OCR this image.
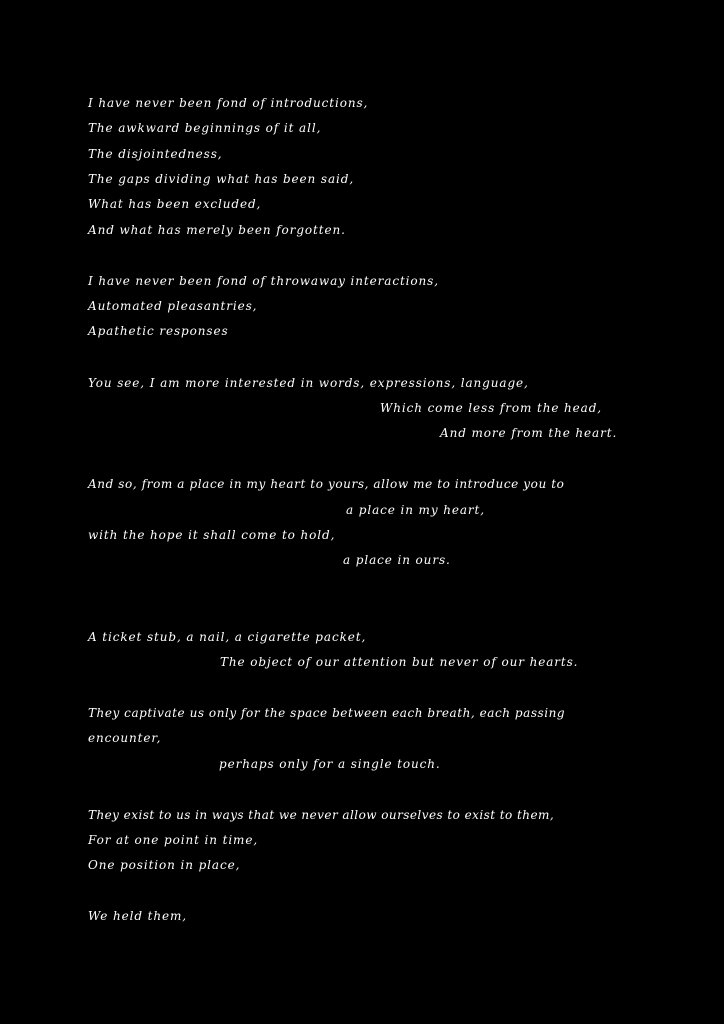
I have never been fond of introductions,
The awkward beginnings of it all,
The disjointedness,
The gaps dividing what has been said,
What has been excluded,
And what has merely been forgotten.
I have never been fond of throwaway interactions,
Automated pleasantries,
Apathetic responses
You see, I am more interested in words, expressions, language,
Which come less from the head,
And more from the heart.
And so, from a place in my heart to yours, allow me to introduce you to
a place in my heart,
with the hope it shall come to hold,
a place in ours.
A ticket stub, a nail, a cigarette packet,
The object of our attention but never of our hearts.
They captivate us only for the space between each breath, each passing
encounter,
perhaps only for a single touch.
They exist to us in ways that we never allow ourselves to exist to them,
For at one point in time,
One position in place,
We held them,
